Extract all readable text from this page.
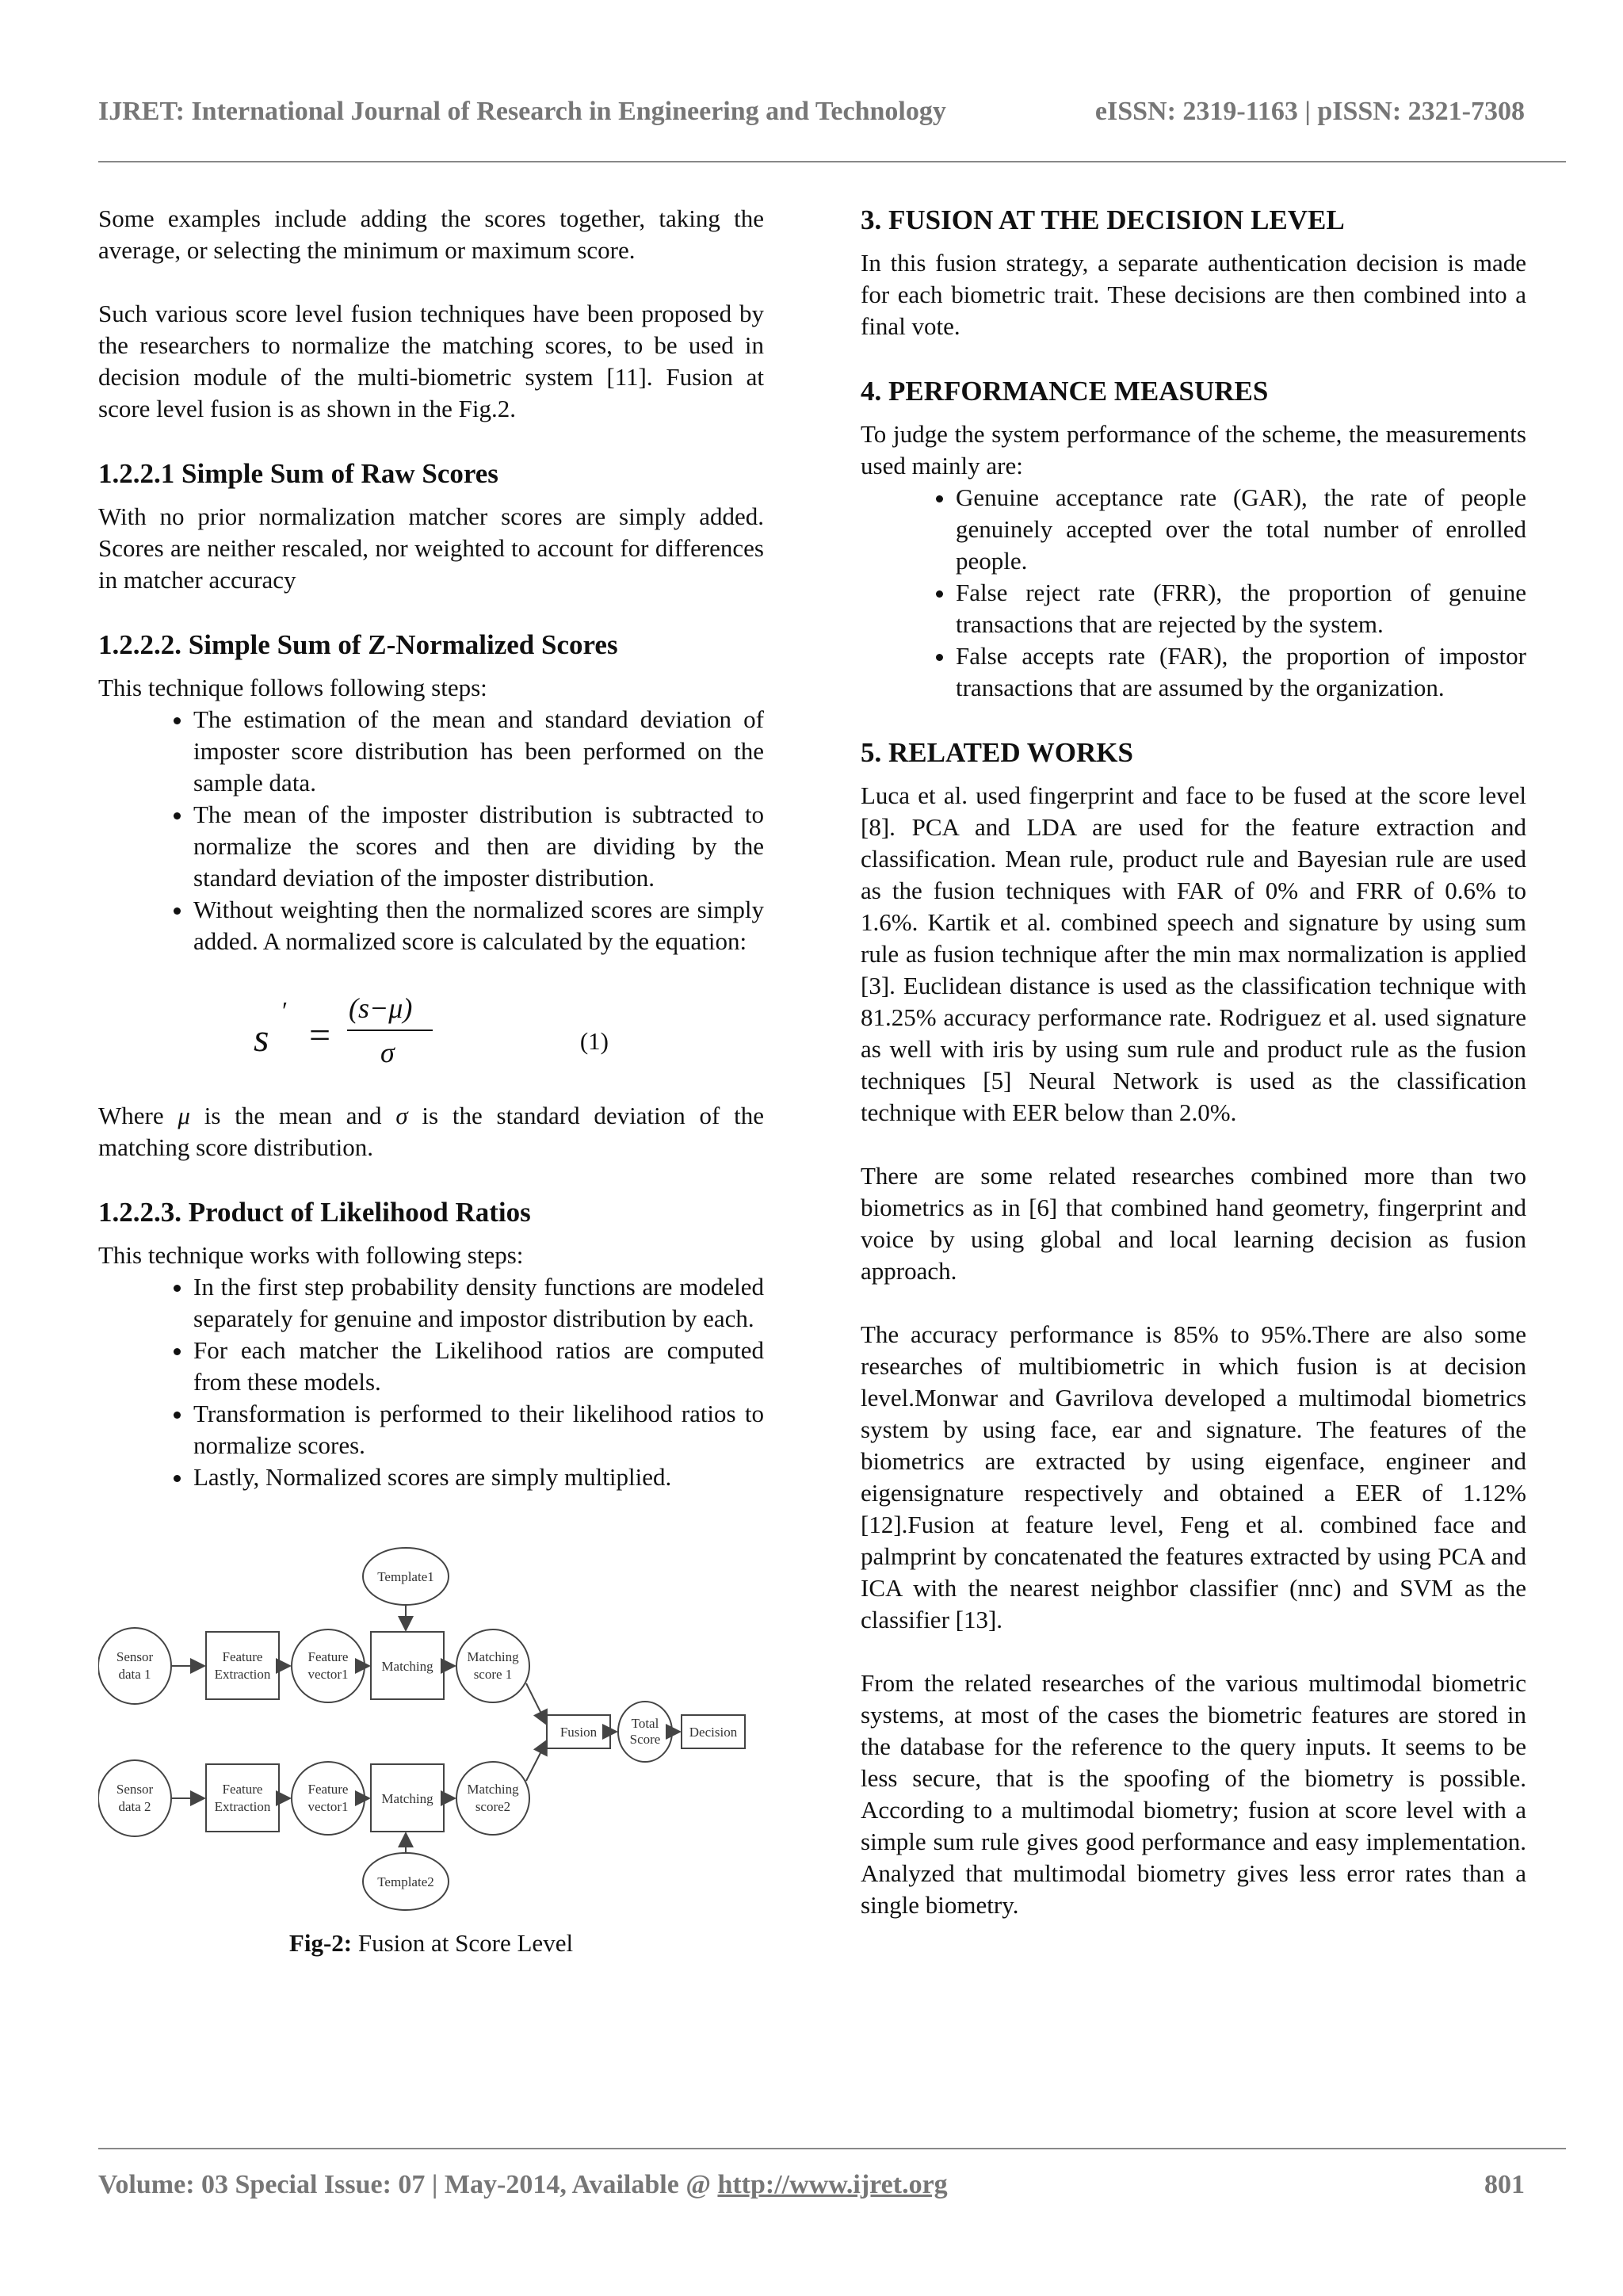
IJRET: International Journal of Research in Engineering and Technology	eISSN: 2319-1163 | pISSN: 2321-7308

Some examples include adding the scores together, taking the average, or selecting the minimum or maximum score.

Such various score level fusion techniques have been proposed by the researchers to normalize the matching scores, to be used in decision module of the multi-biometric system [11]. Fusion at score level fusion is as shown in the Fig.2.

1.2.2.1 Simple Sum of Raw Scores

With no prior normalization matcher scores are simply added. Scores are neither rescaled, nor weighted to account for differences in matcher accuracy

1.2.2.2. Simple Sum of Z-Normalized Scores

This technique follows following steps:

• The estimation of the mean and standard deviation of imposter score distribution has been performed on the sample data.
• The mean of the imposter distribution is subtracted to normalize the scores and then are dividing by the standard deviation of the imposter distribution.
• Without weighting then the normalized scores are simply added. A normalized score is calculated by the equation:
s
′
=
(s−μ)
σ	(1)

Where μ is the mean and σ is the standard deviation of the matching score distribution.

1.2.2.3. Product of Likelihood Ratios

This technique works with following steps:

• In the first step probability density functions are modeled separately for genuine and impostor distribution by each.
• For each matcher the Likelihood ratios are computed from these models.
• Transformation is performed to their likelihood ratios to normalize scores.
• Lastly, Normalized scores are simply multiplied.
Template1
Template2
Sensor
data 1
Feature
Extraction
Feature
vector1
Matching
Matching
score 1
Sensor
data 2
Feature
Extraction
Feature
vector1
Matching
Matching
score2
Fusion
Total
Score Decision
Fig-2: Fusion at Score Level
3. FUSION AT THE DECISION LEVEL

In this fusion strategy, a separate authentication decision is made for each biometric trait. These decisions are then combined into a final vote.

4. PERFORMANCE MEASURES

To judge the system performance of the scheme, the measurements used mainly are:

• Genuine acceptance rate (GAR), the rate of people genuinely accepted over the total number of enrolled people.
• False reject rate (FRR), the proportion of genuine transactions that are rejected by the system.
• False accepts rate (FAR), the proportion of impostor transactions that are assumed by the organization.
5. RELATED WORKS

Luca et al. used fingerprint and face to be fused at the score level [8]. PCA and LDA are used for the feature extraction and classification. Mean rule, product rule and Bayesian rule are used as the fusion techniques with FAR of 0% and FRR of 0.6% to 1.6%. Kartik et al. combined speech and signature by using sum rule as fusion technique after the min max normalization is applied [3]. Euclidean distance is used as the classification technique with 81.25% accuracy performance rate. Rodriguez et al. used signature as well with iris by using sum rule and product rule as the fusion techniques [5] Neural Network is used as the classification technique with EER below than 2.0%.

There are some related researches combined more than two biometrics as in [6] that combined hand geometry, fingerprint and voice by using global and local learning decision as fusion approach.

The accuracy performance is 85% to 95%.There are also some researches of multibiometric in which fusion is at decision level.Monwar and Gavrilova developed a multimodal biometrics system by using face, ear and signature. The features of the biometrics are extracted by using eigenface, engineer and eigensignature respectively and obtained a EER of 1.12% [12].Fusion at feature level, Feng et al. combined face and palmprint by concatenated the features extracted by using PCA and ICA with the nearest neighbor classifier (nnc) and SVM as the classifier [13].

From the related researches of the various multimodal biometric systems, at most of the cases the biometric features are stored in the database for the reference to the query inputs. It seems to be less secure, that is the spoofing of the biometry is possible. According to a multimodal biometry; fusion at score level with a simple sum rule gives good performance and easy implementation. Analyzed that multimodal biometry gives less error rates than a single biometry.

Volume: 03 Special Issue: 07 | May-2014, Available @ http://www.ijret.org	801
